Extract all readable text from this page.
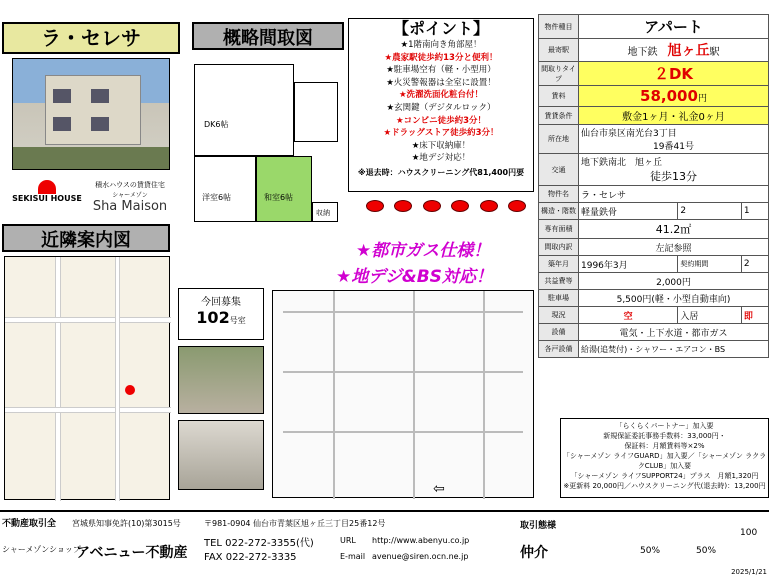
ラ・セレサ
SEKISUI HOUSE
積水ハウスの賃貸住宅
シャーメゾン
Sha Maison
近隣案内図
概略間取図
DK6帖
洋室6帖	和室6帖
収納
【ポイント】
★1階南向き角部屋！
★農家駅徒歩約13分と便利！
★駐車場空有（軽・小型用）
★火災警報器は全室に設置！
★洗濯洗面化粧台付！
★玄関鍵（デジタルロック）
★コンビニ徒歩約3分！
★ドラッグストア徒歩約3分！
★床下収納庫！
★地デジ対応！
※退去時：ハウスクリーニング代81,400円要
★都市ガス仕様！
★地デジ&BS対応！
今回募集
102号室
⇦
物件種目	アパート		
最寄駅	地下鉄　 旭ヶ丘駅		
間取りタイプ	２DK		
賃料	58,000円		
賃貸条件	敷金1ヶ月・礼金0ヶ月		
所在地	仙台市泉区南光台3丁目
19番41号		

交通	地下鉄南北　 旭ヶ丘
徒歩13分		

物件名	ラ・セレサ		
構造・階数	軽量鉄骨	2	1
専有面積	41.2㎡		
間取内訳	左記参照		
築年月	1996年3月	契約期間	2
共益費等	2,000円		
駐車場	5,500円(軽・小型自動車向)		
現況	空	入居	即
設備	電気・上下水道・都市ガス		
各戸設備	給湯(追焚付)・シャワー・エアコン・BS		
「らくらくパートナー」加入要
新規保証委託事務手数料：33,000円・
保証料：月額賃料等×2%
「シャーメゾン ライフGUARD」加入要／「シャーメゾン ラクラクCLUB」加入要
「シャーメゾン ライフSUPPORT24」プラス　月額1,320円
※更新料 20,000円／ハウスクリーニング代(退去時)：13,200円
不動産取引全 宮城県知事免許(10)第3015号
シャーメゾンショップ
アベニュー不動産
〒981-0904 仙台市青葉区旭ヶ丘三丁目25番12号
TEL 022-272-3355(代)
FAX 022-272-3335
URL http://www.abenyu.co.jp
E-mail avenue@siren.ocn.ne.jp
取引態様
仲介	50%	50%
100
2025/1/21
